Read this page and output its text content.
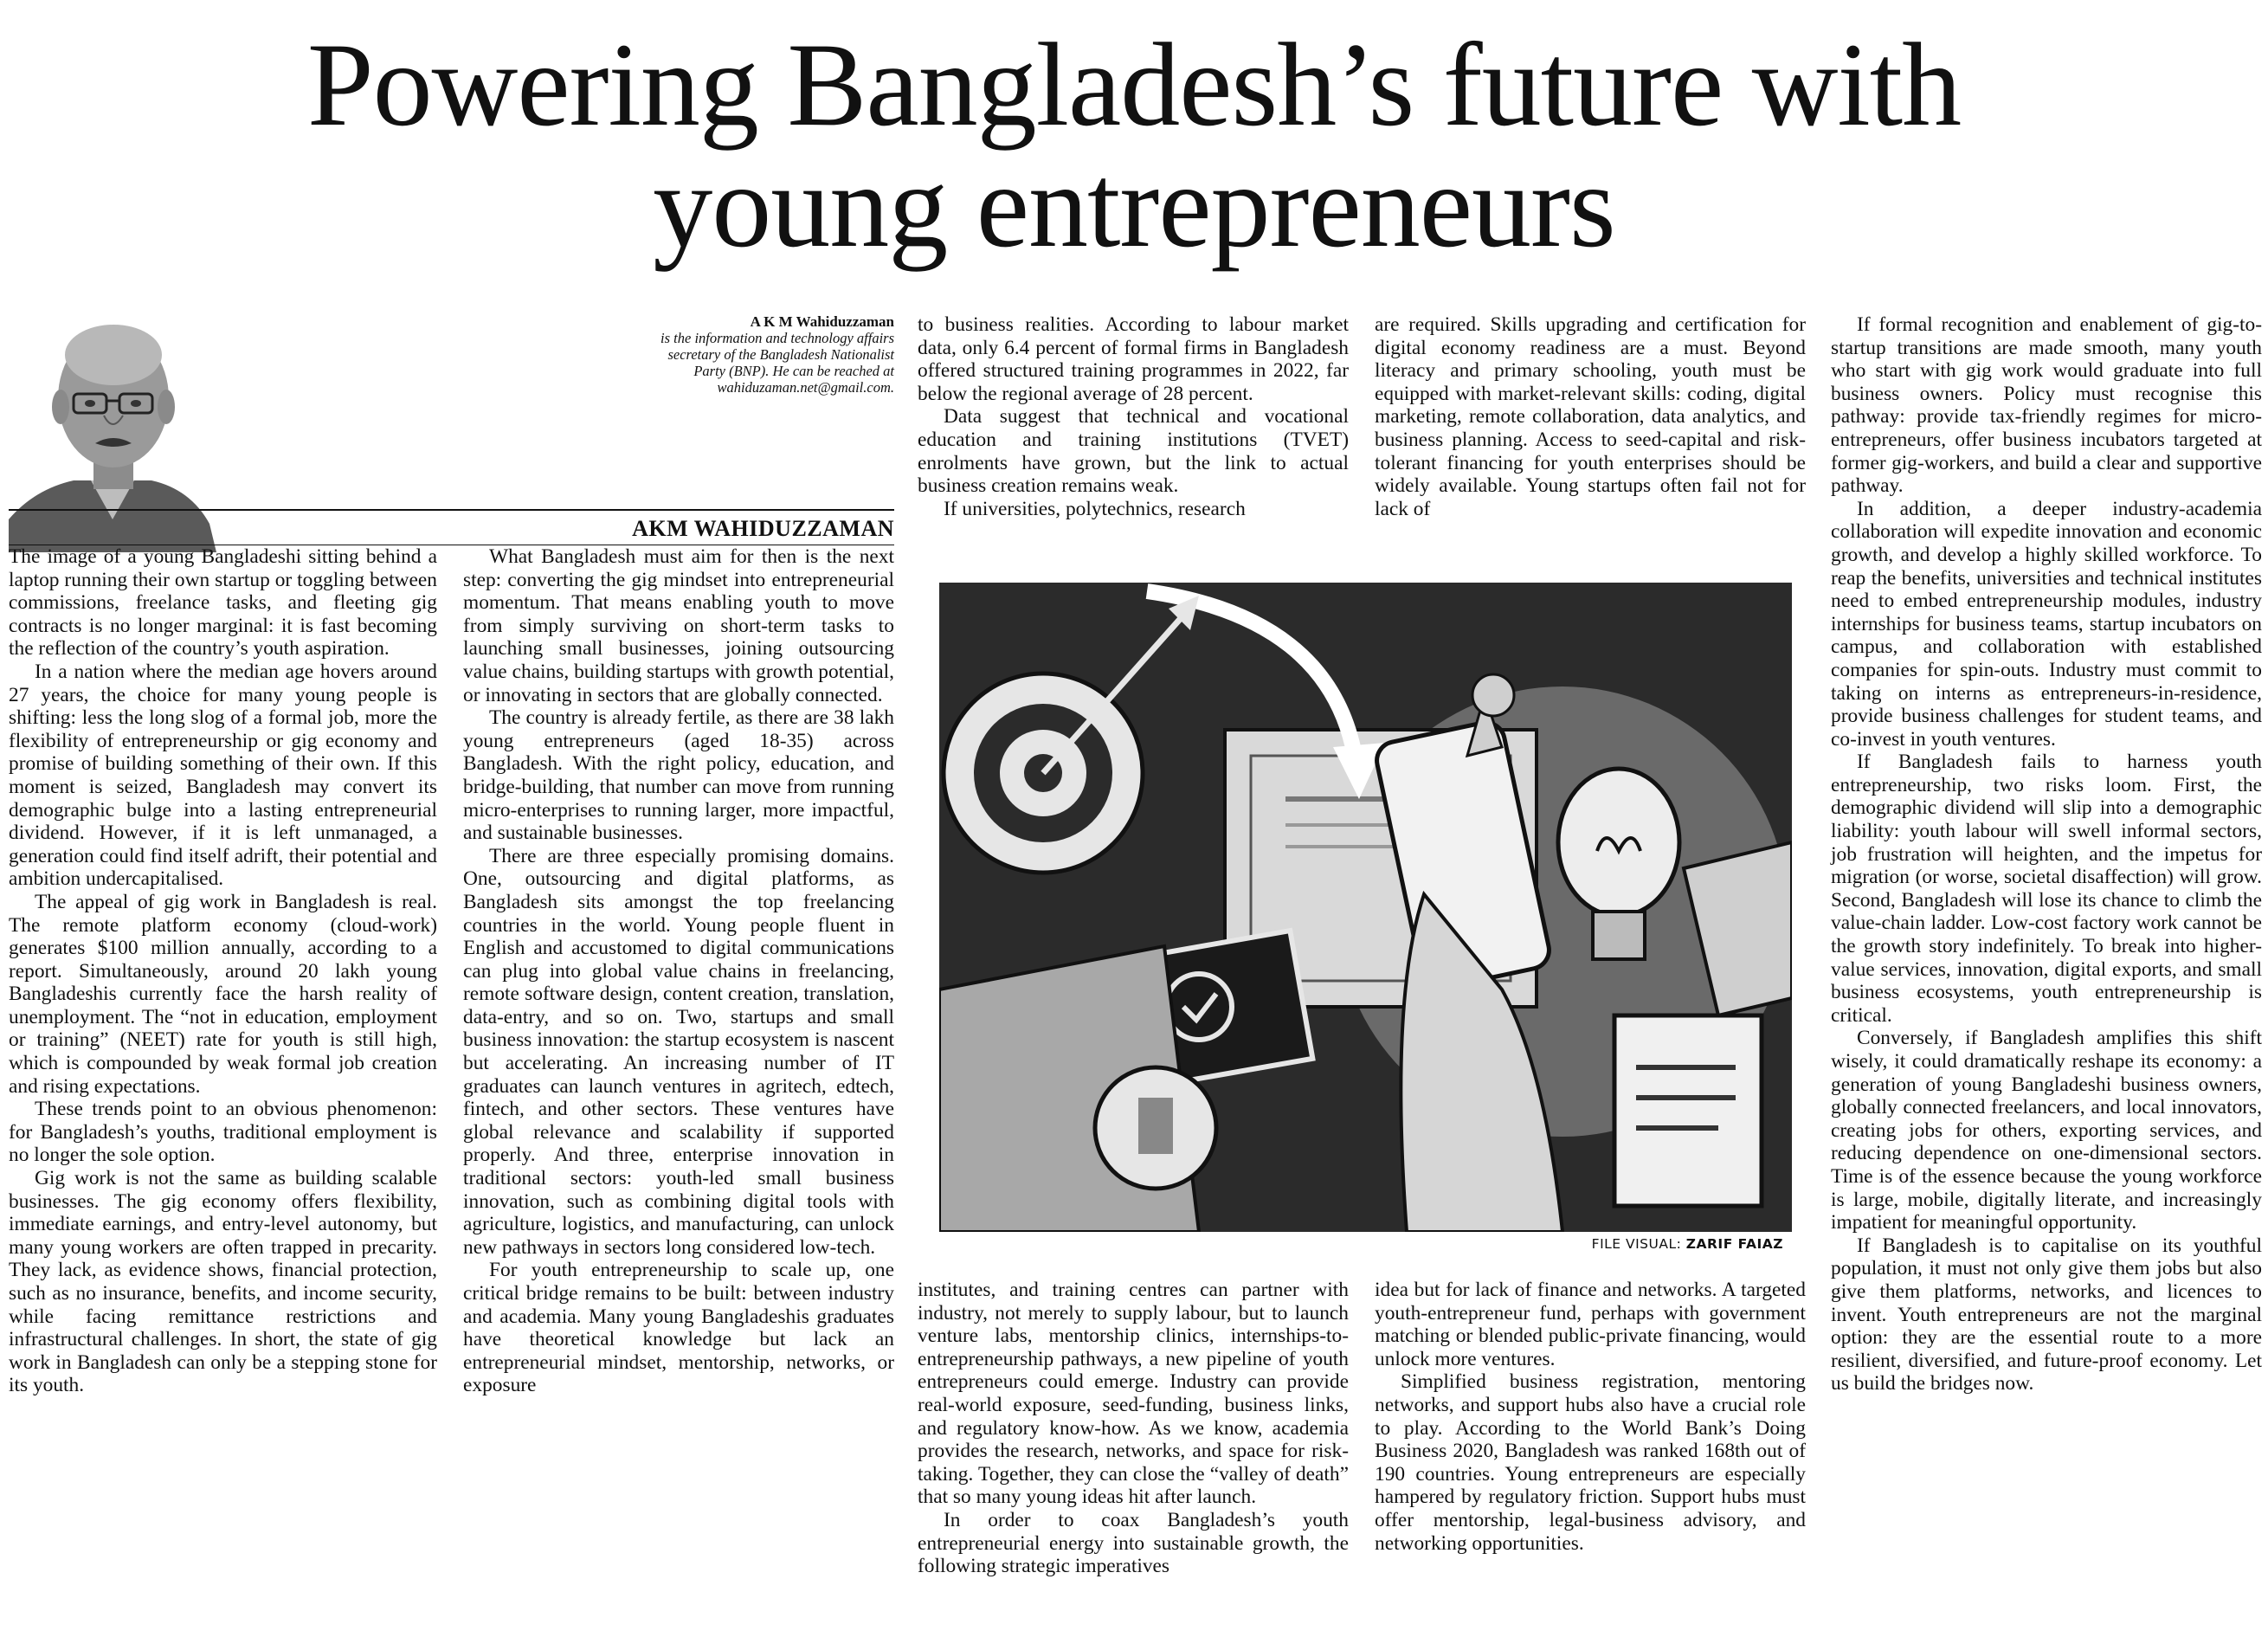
Powering Bangladesh’s future with
young entrepreneurs
A K M Wahiduzzaman
is the information and technology affairs
secretary of the Bangladesh Nationalist
Party (BNP). He can be reached at
wahiduzaman.net@gmail.com.
AKM WAHIDUZZAMAN

The image of a young Bangladeshi sitting behind a laptop running their own startup or toggling between commissions, freelance tasks, and fleeting gig contracts is no longer marginal: it is fast becoming the reflection of the country’s youth aspiration.

In a nation where the median age hovers around 27 years, the choice for many young people is shifting: less the long slog of a formal job, more the flexibility of entrepreneurship or gig economy and promise of building something of their own. If this moment is seized, Bangladesh may convert its demographic bulge into a lasting entrepreneurial dividend. However, if it is left unmanaged, a generation could find itself adrift, their potential and ambition undercapitalised.

The appeal of gig work in Bangladesh is real. The remote platform economy (cloud-work) generates $100 million annually, according to a report. Simultaneously, around 20 lakh young Bangladeshis currently face the harsh reality of unemployment. The “not in education, employment or training” (NEET) rate for youth is still high, which is compounded by weak formal job creation and rising expectations.

These trends point to an obvious phenomenon: for Bangladesh’s youths, traditional employment is no longer the sole option.

Gig work is not the same as building scalable businesses. The gig economy offers flexibility, immediate earnings, and entry-level autonomy, but many young workers are often trapped in precarity. They lack, as evidence shows, financial protection, such as no insurance, benefits, and income security, while facing remittance restrictions and infrastructural challenges. In short, the state of gig work in Bangladesh can only be a stepping stone for its youth.

What Bangladesh must aim for then is the next step: converting the gig mindset into entrepreneurial momentum. That means enabling youth to move from simply surviving on short-term tasks to launching small businesses, joining outsourcing value chains, building startups with growth potential, or innovating in sectors that are globally connected.

The country is already fertile, as there are 38 lakh young entrepreneurs (aged 18-35) across Bangladesh. With the right policy, education, and bridge-building, that number can move from running micro-enterprises to running larger, more impactful, and sustainable businesses.

There are three especially promising domains. One, outsourcing and digital platforms, as Bangladesh sits amongst the top freelancing countries in the world. Young people fluent in English and accustomed to digital communications can plug into global value chains in freelancing, remote software design, content creation, translation, data-entry, and so on. Two, startups and small business innovation: the startup ecosystem is nascent but accelerating. An increasing number of IT graduates can launch ventures in agritech, edtech, fintech, and other sectors. These ventures have global relevance and scalability if supported properly. And three, enterprise innovation in traditional sectors: youth-led small business innovation, such as combining digital tools with agriculture, logistics, and manufacturing, can unlock new pathways in sectors long considered low-tech.

For youth entrepreneurship to scale up, one critical bridge remains to be built: between industry and academia. Many young Bangladeshis graduates have theoretical knowledge but lack an entrepreneurial mindset, mentorship, networks, or exposure

to business realities. According to labour market data, only 6.4 percent of formal firms in Bangladesh offered structured training programmes in 2022, far below the regional average of 28 percent.

Data suggest that technical and vocational education and training institutions (TVET) enrolments have grown, but the link to actual business creation remains weak.

If universities, polytechnics, research

are required. Skills upgrading and certification for digital economy readiness are a must. Beyond literacy and primary schooling, youth must be equipped with market-relevant skills: coding, digital marketing, remote collaboration, data analytics, and business planning. Access to seed-capital and risk-tolerant financing for youth enterprises should be widely available. Young startups often fail not for lack of

FILE VISUAL: ZARIF FAIAZ

institutes, and training centres can partner with industry, not merely to supply labour, but to launch venture labs, mentorship clinics, internships-to-entrepreneurship pathways, a new pipeline of youth entrepreneurs could emerge. Industry can provide real-world exposure, seed-funding, business links, and regulatory know-how. As we know, academia provides the research, networks, and space for risk-taking. Together, they can close the “valley of death” that so many young ideas hit after launch.

In order to coax Bangladesh’s youth entrepreneurial energy into sustainable growth, the following strategic imperatives

idea but for lack of finance and networks. A targeted youth-entrepreneur fund, perhaps with government matching or blended public-private financing, would unlock more ventures.

Simplified business registration, mentoring networks, and support hubs also have a crucial role to play. According to the World Bank’s Doing Business 2020, Bangladesh was ranked 168th out of 190 countries. Young entrepreneurs are especially hampered by regulatory friction. Support hubs must offer mentorship, legal-business advisory, and networking opportunities.

If formal recognition and enablement of gig-to-startup transitions are made smooth, many youth who start with gig work would graduate into full business owners. Policy must recognise this pathway: provide tax-friendly regimes for micro-entrepreneurs, offer business incubators targeted at former gig-workers, and build a clear and supportive pathway.

In addition, a deeper industry-academia collaboration will expedite innovation and economic growth, and develop a highly skilled workforce. To reap the benefits, universities and technical institutes need to embed entrepreneurship modules, industry internships for business teams, startup incubators on campus, and collaboration with established companies for spin-outs. Industry must commit to taking on interns as entrepreneurs-in-residence, provide business challenges for student teams, and co-invest in youth ventures.

If Bangladesh fails to harness youth entrepreneurship, two risks loom. First, the demographic dividend will slip into a demographic liability: youth labour will swell informal sectors, job frustration will heighten, and the impetus for migration (or worse, societal disaffection) will grow. Second, Bangladesh will lose its chance to climb the value-chain ladder. Low-cost factory work cannot be the growth story indefinitely. To break into higher-value services, innovation, digital exports, and small business ecosystems, youth entrepreneurship is critical.

Conversely, if Bangladesh amplifies this shift wisely, it could dramatically reshape its economy: a generation of young Bangladeshi business owners, globally connected freelancers, and local innovators, creating jobs for others, exporting services, and reducing dependence on one-dimensional sectors. Time is of the essence because the young workforce is large, mobile, digitally literate, and increasingly impatient for meaningful opportunity.

If Bangladesh is to capitalise on its youthful population, it must not only give them jobs but also give them platforms, networks, and licences to invent. Youth entrepreneurs are not the marginal option: they are the essential route to a more resilient, diversified, and future-proof economy. Let us build the bridges now.
